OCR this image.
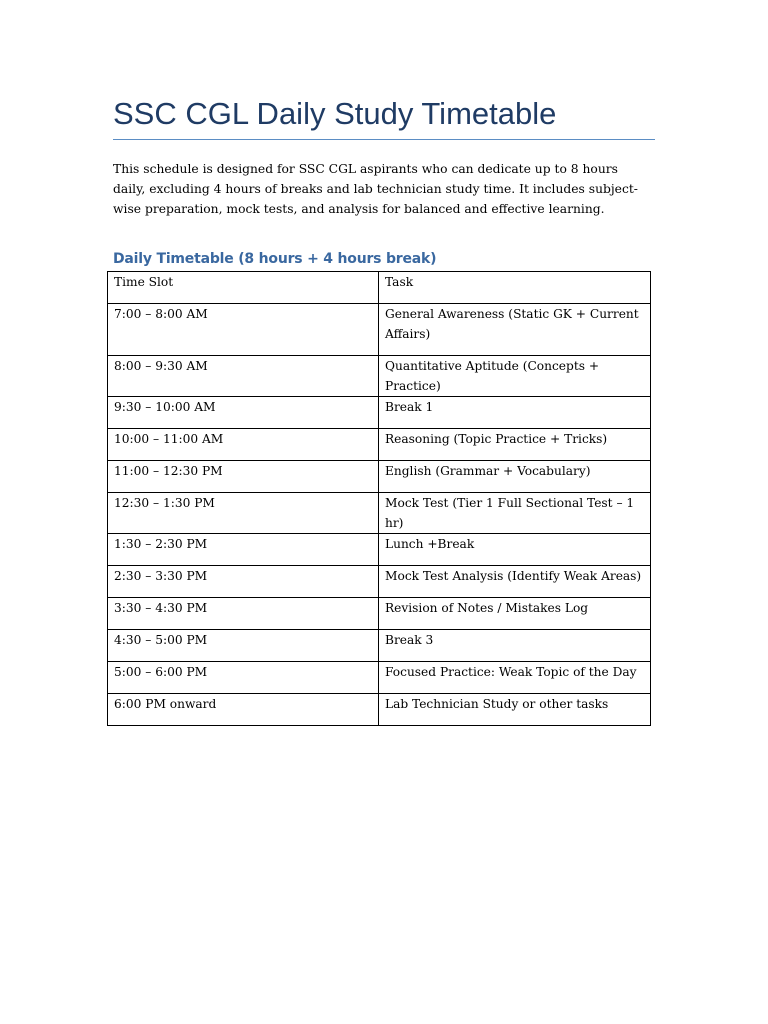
SSC CGL Daily Study Timetable

This schedule is designed for SSC CGL aspirants who can dedicate up to 8 hours daily, excluding 4 hours of breaks and lab technician study time. It includes subject-wise preparation, mock tests, and analysis for balanced and effective learning.

Daily Timetable (8 hours + 4 hours break)
Time Slot	Task

7:00 – 8:00 AM	General Awareness (Static GK + Current Affairs)

8:00 – 9:30 AM	Quantitative Aptitude (Concepts + Practice)

9:30 – 10:00 AM	Break 1

10:00 – 11:00 AM	Reasoning (Topic Practice + Tricks)

11:00 – 12:30 PM	English (Grammar + Vocabulary)

12:30 – 1:30 PM	Mock Test (Tier 1 Full Sectional Test – 1 hr)

1:30 – 2:30 PM	Lunch +Break

2:30 – 3:30 PM	Mock Test Analysis (Identify Weak Areas)

3:30 – 4:30 PM	Revision of Notes / Mistakes Log

4:30 – 5:00 PM	Break 3

5:00 – 6:00 PM	Focused Practice: Weak Topic of the Day

6:00 PM onward	Lab Technician Study or other tasks
